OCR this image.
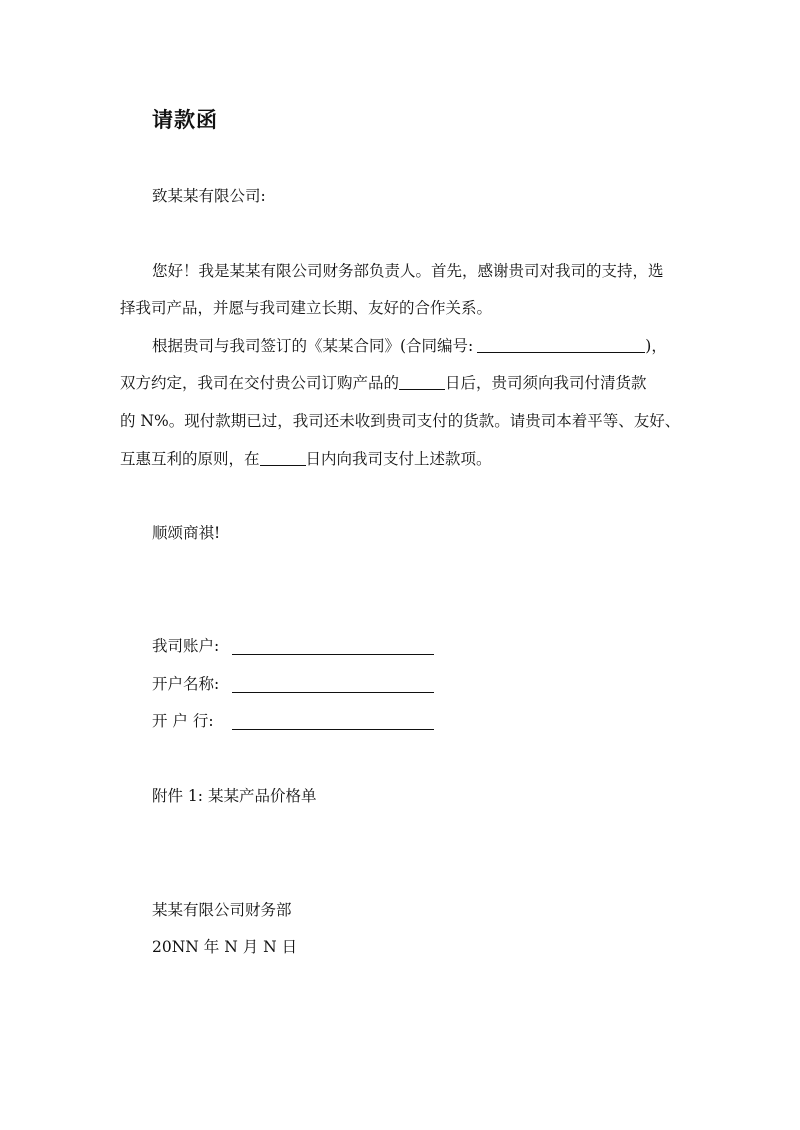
请款函
致某某有限公司:
您好！我是某某有限公司财务部负责人。首先，感谢贵司对我司的支持，选
择我司产品，并愿与我司建立长期、友好的合作关系。
根据贵司与我司签订的《某某合同》(合同编号:	)，
双方约定，我司在交付贵公司订购产品的	日后，贵司须向我司付清货款
的 N%。现付款期已过，我司还未收到贵司支付的货款。请贵司本着平等、友好、
互惠互利的原则，在	日内向我司支付上述款项。
顺颂商祺!
我司账户:
开户名称:
开 户 行:
附件 1: 某某产品价格单
某某有限公司财务部
20NN 年 N 月 N 日
